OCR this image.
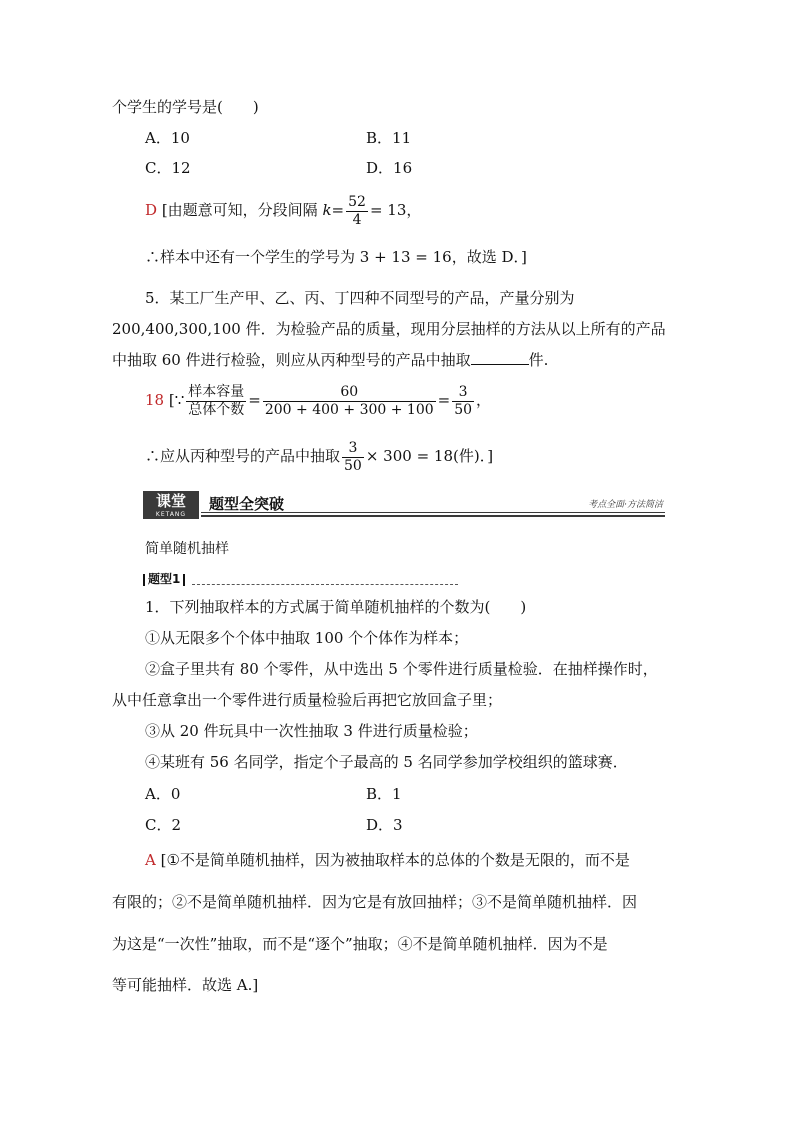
个学生的学号是(　　)
A．10	B．11
C．12	D．16
D [由题意可知，分段间隔 $k= \frac{52}{4} = 13$，
∴样本中还有一个学生的学号为 3 + 13 = 16，故选 D．]
5．某工厂生产甲、乙、丙、丁四种不同型号的产品，产量分别为
200,400,300,100 件．为检验产品的质量，现用分层抽样的方法从以上所有的产品
中抽取 60 件进行检验，则应从丙种型号的产品中抽取	件.
18 [∵ $\frac{\text{样本容量}}{\text{总体个数}} = \frac{60}{200 + 400 + 300 + 100} = \frac{3}{50}$ ，
∴应从丙种型号的产品中抽取 $\frac{3}{50} \times 300 = 18$(件)．]
课堂
KETANG
题型全突破	考点全面·方法简洁
简单随机抽样
题型1
1．下列抽取样本的方式属于简单随机抽样的个数为(　　)
①从无限多个个体中抽取 100 个个体作为样本；
②盒子里共有 80 个零件，从中选出 5 个零件进行质量检验．在抽样操作时，
从中任意拿出一个零件进行质量检验后再把它放回盒子里；
③从 20 件玩具中一次性抽取 3 件进行质量检验；
④某班有 56 名同学，指定个子最高的 5 名同学参加学校组织的篮球赛．
A．0	B．1
C．2	D．3
A [①不是简单随机抽样，因为被抽取样本的总体的个数是无限的，而不是
有限的；②不是简单随机抽样．因为它是有放回抽样；③不是简单随机抽样．因
为这是“一次性”抽取，而不是“逐个”抽取；④不是简单随机抽样．因为不是
等可能抽样．故选 A.]
